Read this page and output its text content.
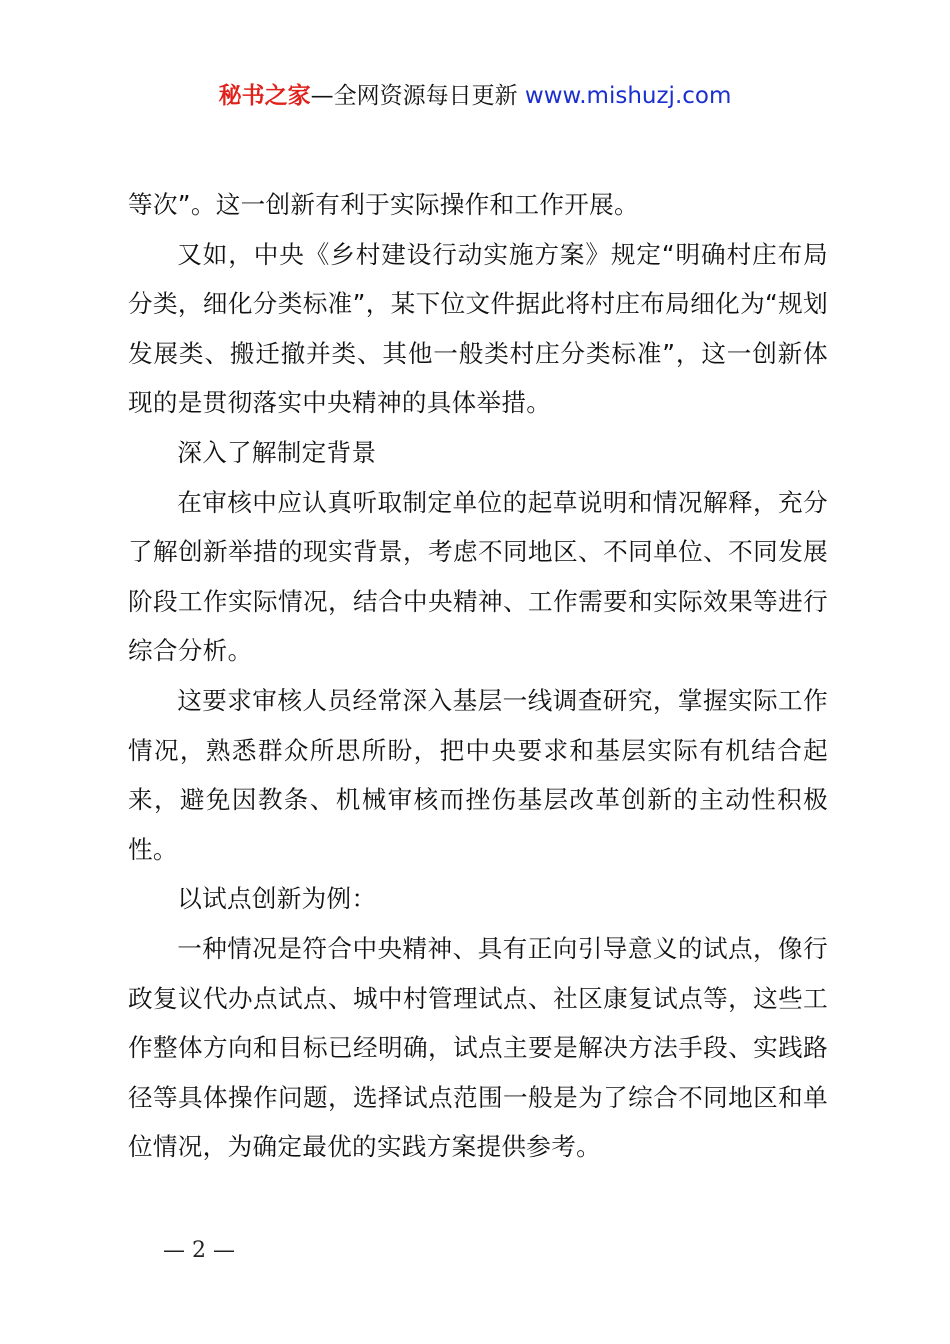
秘书之家—全网资源每日更新 www.mishuzj.com

等次”。这一创新有利于实际操作和工作开展。

又如，中央《乡村建设行动实施方案》规定“明确村庄布局分类，细化分类标准”，某下位文件据此将村庄布局细化为“规划发展类、搬迁撤并类、其他一般类村庄分类标准”，这一创新体现的是贯彻落实中央精神的具体举措。

深入了解制定背景

在审核中应认真听取制定单位的起草说明和情况解释，充分了解创新举措的现实背景，考虑不同地区、不同单位、不同发展阶段工作实际情况，结合中央精神、工作需要和实际效果等进行综合分析。

这要求审核人员经常深入基层一线调查研究，掌握实际工作情况，熟悉群众所思所盼，把中央要求和基层实际有机结合起来，避免因教条、机械审核而挫伤基层改革创新的主动性积极性。

以试点创新为例：

一种情况是符合中央精神、具有正向引导意义的试点，像行政复议代办点试点、城中村管理试点、社区康复试点等，这些工作整体方向和目标已经明确，试点主要是解决方法手段、实践路径等具体操作问题，选择试点范围一般是为了综合不同地区和单位情况，为确定最优的实践方案提供参考。

— 2 —
